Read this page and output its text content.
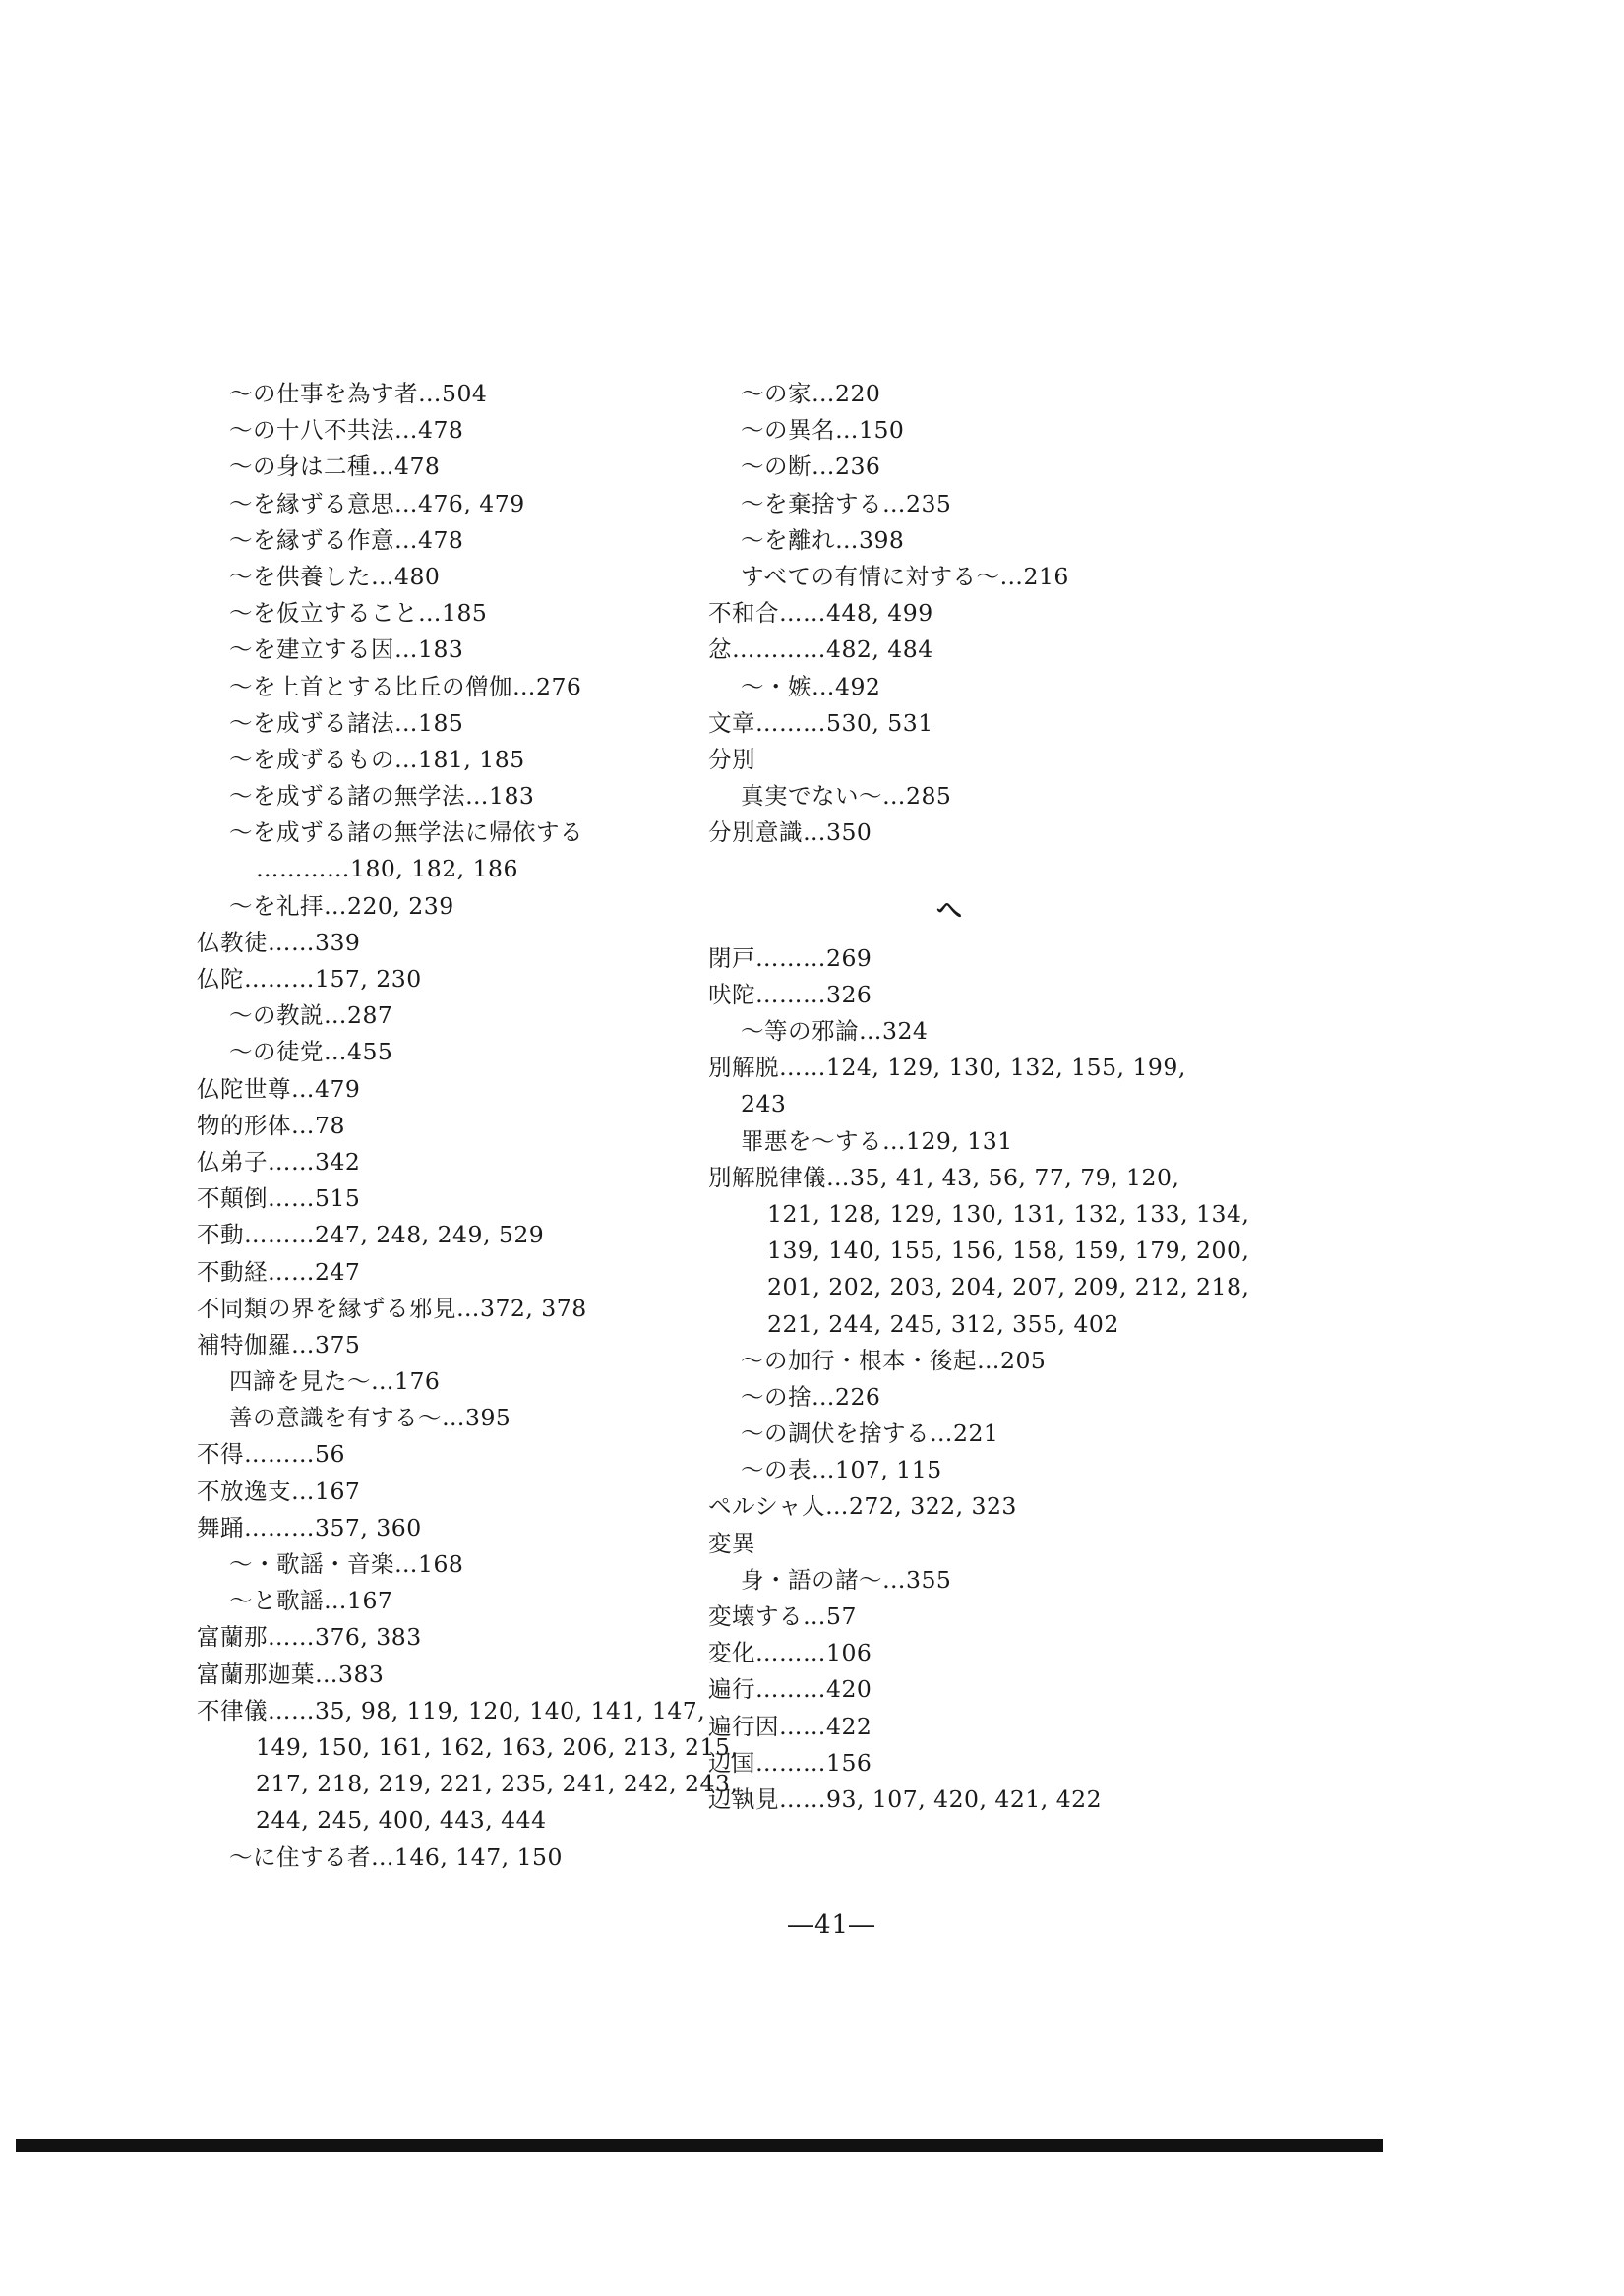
～の仕事を為す者…504
～の十八不共法…478
～の身は二種…478
～を縁ずる意思…476, 479
～を縁ずる作意…478
～を供養した…480
～を仮立すること…185
～を建立する因…183
～を上首とする比丘の僧伽…276
～を成ずる諸法…185
～を成ずるもの…181, 185
～を成ずる諸の無学法…183
～を成ずる諸の無学法に帰依する
…………180, 182, 186
～を礼拝…220, 239
仏教徒……339
仏陀………157, 230
～の教説…287
～の徒党…455
仏陀世尊…479
物的形体…78
仏弟子……342
不顛倒……515
不動………247, 248, 249, 529
不動経……247
不同類の界を縁ずる邪見…372, 378
補特伽羅…375
四諦を見た～…176
善の意識を有する～…395
不得………56
不放逸支…167
舞踊………357, 360
～・歌謡・音楽…168
～と歌謡…167
富蘭那……376, 383
富蘭那迦葉…383
不律儀……35, 98, 119, 120, 140, 141, 147,
149, 150, 161, 162, 163, 206, 213, 215,
217, 218, 219, 221, 235, 241, 242, 243,
244, 245, 400, 443, 444
～に住する者…146, 147, 150
～の家…220
～の異名…150
～の断…236
～を棄捨する…235
～を離れ…398
すべての有情に対する～…216
不和合……448, 499
忿…………482, 484
～・嫉…492
文章………530, 531
分別
真実でない～…285
分別意識…350
へ
閉戸………269
吠陀………326
～等の邪論…324
別解脱……124, 129, 130, 132, 155, 199,
243
罪悪を～する…129, 131
別解脱律儀…35, 41, 43, 56, 77, 79, 120,
121, 128, 129, 130, 131, 132, 133, 134,
139, 140, 155, 156, 158, 159, 179, 200,
201, 202, 203, 204, 207, 209, 212, 218,
221, 244, 245, 312, 355, 402
～の加行・根本・後起…205
～の捨…226
～の調伏を捨する…221
～の表…107, 115
ペルシャ人…272, 322, 323
変異
身・語の諸～…355
変壊する…57
変化………106
遍行………420
遍行因……422
辺国………156
辺執見……93, 107, 420, 421, 422
―41―
